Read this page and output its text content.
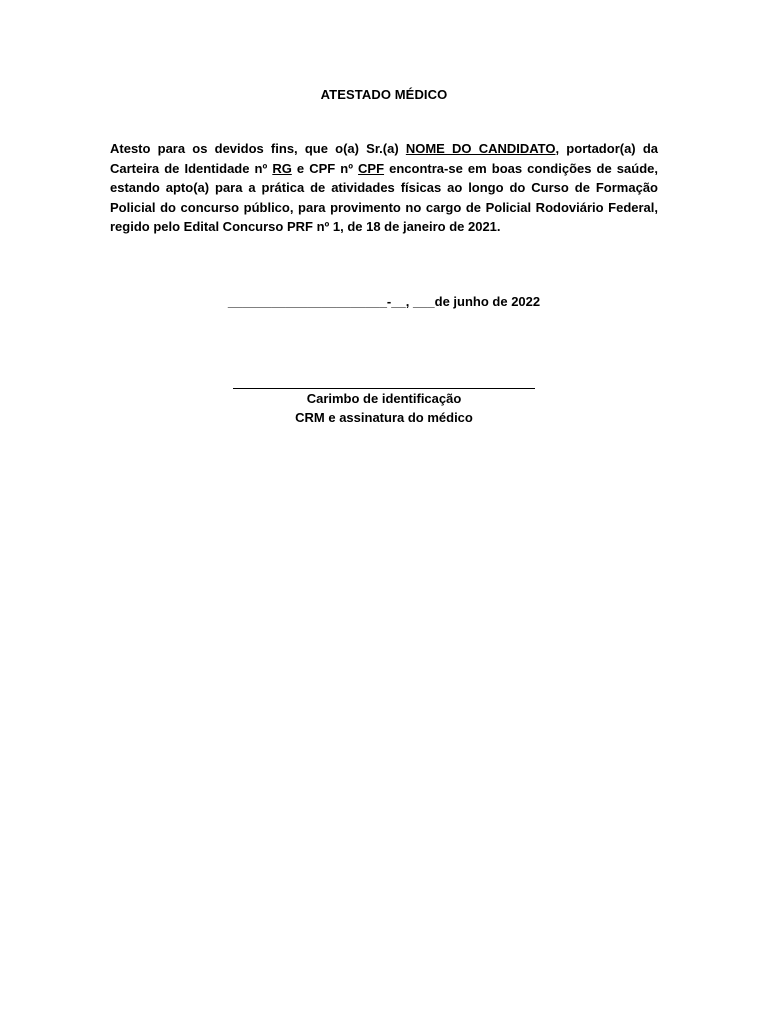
ATESTADO MÉDICO
Atesto para os devidos fins, que o(a) Sr.(a) NOME DO CANDIDATO, portador(a) da Carteira de Identidade nº RG e CPF nº CPF encontra-se em boas condições de saúde, estando apto(a) para a prática de atividades físicas ao longo do Curso de Formação Policial do concurso público, para provimento no cargo de Policial Rodoviário Federal, regido pelo Edital Concurso PRF nº 1, de 18 de janeiro de 2021.
______________________-__, ___de junho de 2022
Carimbo de identificação
CRM e assinatura do médico
